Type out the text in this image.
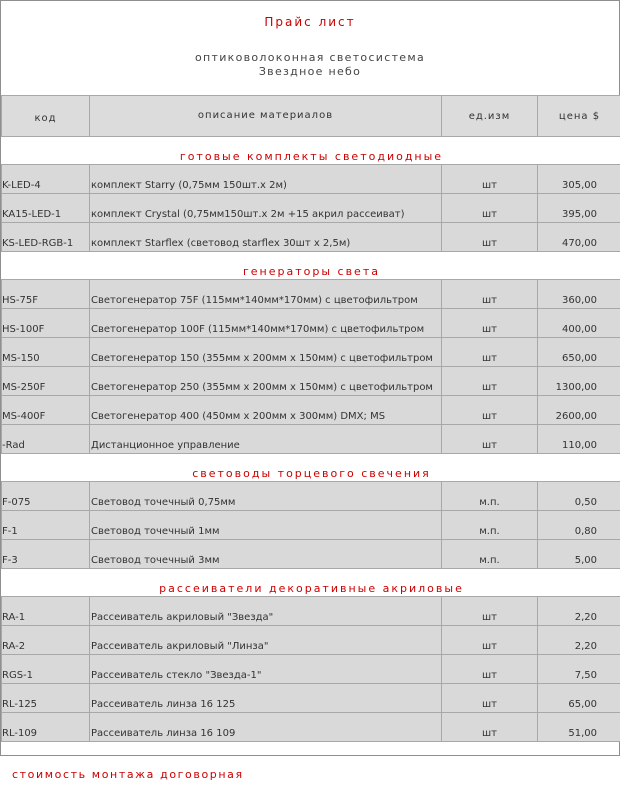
Прайс лист
оптиковолоконная светосистема
Звездное небо
код	описание материалов	ед.изм	цена $
готовые комплекты светодиодные			
K-LED-4	комплект Starry (0,75мм 150шт.х 2м)	шт	305,00
KA15-LED-1	комплект Crystal (0,75мм150шт.х 2м +15 акрил рассеиват)	шт	395,00
KS-LED-RGB-1	комплект Starflex (световод starflex 30шт х 2,5м)	шт	470,00
генераторы света			
HS-75F	Светогенератор 75F (115мм*140мм*170мм) с цветофильтром	шт	360,00
HS-100F	Светогенератор 100F (115мм*140мм*170мм) с цветофильтром	шт	400,00
MS-150	Светогенератор 150 (355мм х 200мм х 150мм) с цветофильтром	шт	650,00
MS-250F	Светогенератор 250 (355мм х 200мм х 150мм) с цветофильтром	шт	1300,00
MS-400F	Светогенератор 400 (450мм х 200мм х 300мм) DMX; MS	шт	2600,00
-Rad	Дистанционное управление	шт	110,00
световоды торцевого свечения			
F-075	Световод точечный 0,75мм	м.п.	0,50
F-1	Световод точечный 1мм	м.п.	0,80
F-3	Световод точечный 3мм	м.п.	5,00
рассеиватели декоративные акриловые			
RA-1	Рассеиватель акриловый "Звезда"	шт	2,20
RA-2	Рассеиватель акриловый "Линза"	шт	2,20
RGS-1	Рассеиватель стекло "Звезда-1"	шт	7,50
RL-125	Рассеиватель линза 16 125	шт	65,00
RL-109	Рассеиватель линза 16 109	шт	51,00
стоимость монтажа договорная
